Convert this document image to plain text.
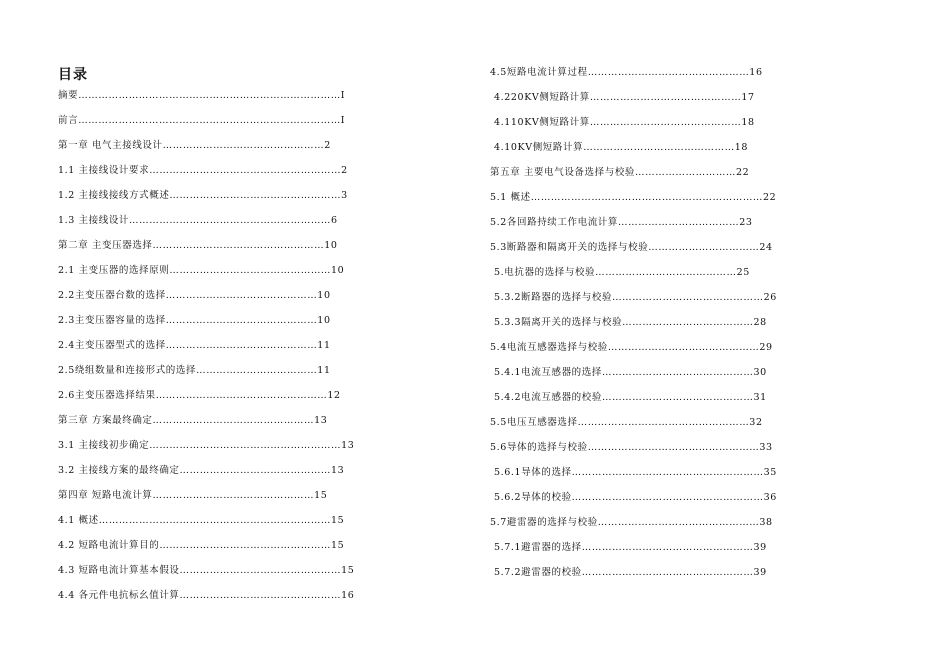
目录
摘要……………………………………………………………………I
前言……………………………………………………………………I
第一章 电气主接线设计…………………………………………2
1.1 主接线设计要求…………………………………………………2
1.2 主接线接线方式概述……………………………………………3
1.3 主接线设计……………………………………………………6
第二章 主变压器选择……………………………………………10
2.1 主变压器的选择原则…………………………………………10
2.2主变压器台数的选择………………………………………10
2.3主变压器容量的选择………………………………………10
2.4主变压器型式的选择………………………………………11
2.5绕组数量和连接形式的选择………………………………11
2.6主变压器选择结果……………………………………………12
第三章 方案最终确定…………………………………………13
3.1 主接线初步确定…………………………………………………13
3.2 主接线方案的最终确定………………………………………13
第四章 短路电流计算…………………………………………15
4.1 概述……………………………………………………………15
4.2 短路电流计算目的……………………………………………15
4.3 短路电流计算基本假设…………………………………………15
4.4 各元件电抗标幺值计算…………………………………………16
4.5短路电流计算过程…………………………………………16
4.220KV侧短路计算………………………………………17
4.110KV侧短路计算………………………………………18
4.10KV侧短路计算………………………………………18
第五章 主要电气设备选择与校验…………………………22
5.1 概述……………………………………………………………22
5.2各回路持续工作电流计算………………………………23
5.3断路器和隔离开关的选择与校验……………………………24
5.电抗器的选择与校验……………………………………25
5.3.2断路器的选择与校验………………………………………26
5.3.3隔离开关的选择与校验…………………………………28
5.4电流互感器选择与校验………………………………………29
5.4.1电流互感器的选择………………………………………30
5.4.2电流互感器的校验………………………………………31
5.5电压互感器选择……………………………………………32
5.6导体的选择与校验……………………………………………33
5.6.1导体的选择…………………………………………………35
5.6.2导体的校验…………………………………………………36
5.7避雷器的选择与校验…………………………………………38
5.7.1避雷器的选择……………………………………………39
5.7.2避雷器的校验……………………………………………39
